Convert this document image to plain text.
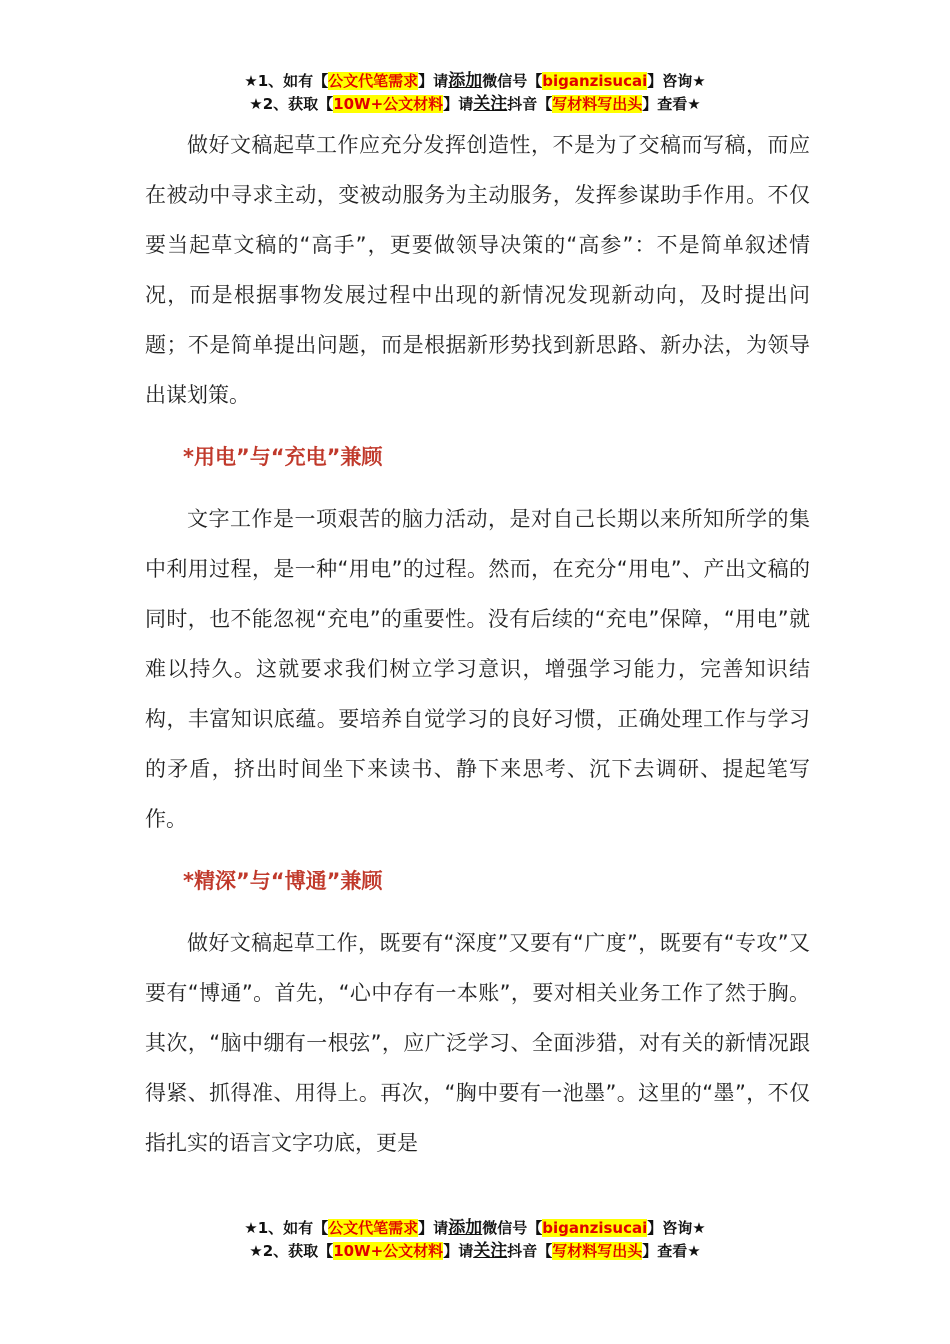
★1、如有【公文代笔需求】请添加微信号【biganzisucai】咨询★
★2、获取【10W+公文材料】请关注抖音【写材料写出头】查看★

做好文稿起草工作应充分发挥创造性，不是为了交稿而写稿，而应在被动中寻求主动，变被动服务为主动服务，发挥参谋助手作用。不仅要当起草文稿的“高手”，更要做领导决策的“高参”：不是简单叙述情况，而是根据事物发展过程中出现的新情况发现新动向，及时提出问题；不是简单提出问题，而是根据新形势找到新思路、新办法，为领导出谋划策。

*用电”与“充电”兼顾

文字工作是一项艰苦的脑力活动，是对自己长期以来所知所学的集中利用过程，是一种“用电”的过程。然而，在充分“用电”、产出文稿的同时，也不能忽视“充电”的重要性。没有后续的“充电”保障，“用电”就难以持久。这就要求我们树立学习意识，增强学习能力，完善知识结构，丰富知识底蕴。要培养自觉学习的良好习惯，正确处理工作与学习的矛盾，挤出时间坐下来读书、静下来思考、沉下去调研、提起笔写作。

*精深”与“博通”兼顾

做好文稿起草工作，既要有“深度”又要有“广度”，既要有“专攻”又要有“博通”。首先，“心中存有一本账”，要对相关业务工作了然于胸。其次，“脑中绷有一根弦”，应广泛学习、全面涉猎，对有关的新情况跟得紧、抓得准、用得上。再次，“胸中要有一池墨”。这里的“墨”，不仅指扎实的语言文字功底，更是

★1、如有【公文代笔需求】请添加微信号【biganzisucai】咨询★
★2、获取【10W+公文材料】请关注抖音【写材料写出头】查看★
